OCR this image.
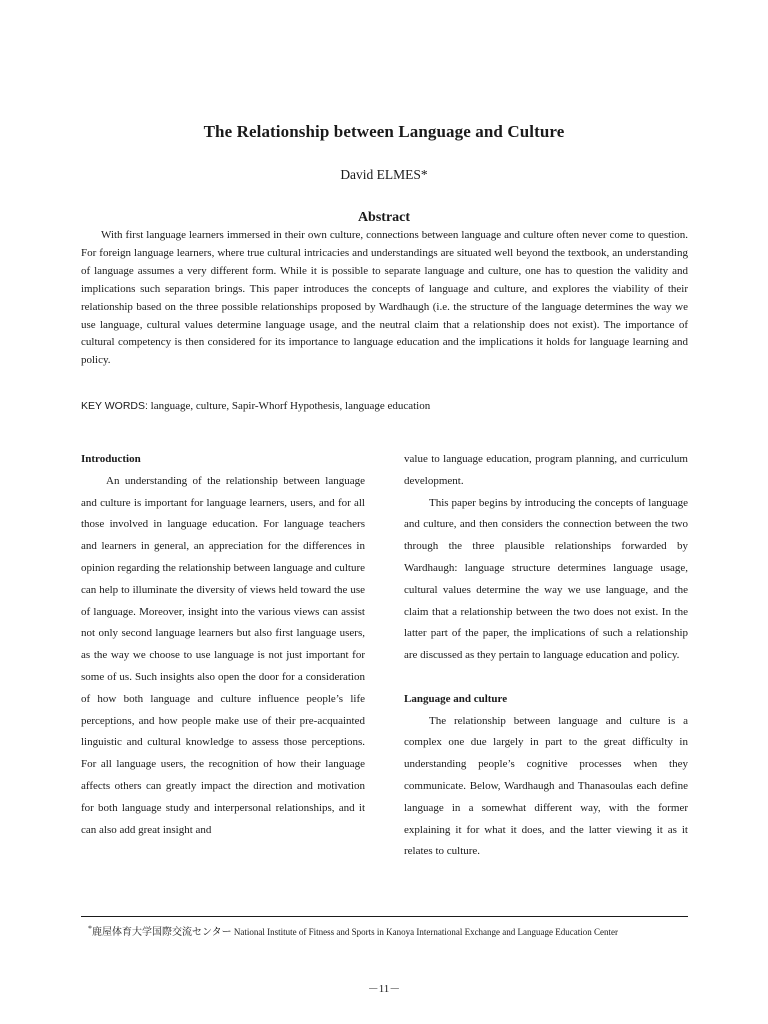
The Relationship between Language and Culture
David ELMES*
Abstract

With first language learners immersed in their own culture, connections between language and culture often never come to question. For foreign language learners, where true cultural intricacies and understandings are situated well beyond the textbook, an understanding of language assumes a very different form. While it is possible to separate language and culture, one has to question the validity and implications such separation brings. This paper introduces the concepts of language and culture, and explores the viability of their relationship based on the three possible relationships proposed by Wardhaugh (i.e. the structure of the language determines the way we use language, cultural values determine language usage, and the neutral claim that a relationship does not exist). The importance of cultural competency is then considered for its importance to language education and the implications it holds for language learning and policy.

KEY WORDS: language, culture, Sapir-Whorf Hypothesis, language education

Introduction

An understanding of the relationship between language and culture is important for language learners, users, and for all those involved in language education. For language teachers and learners in general, an appreciation for the differences in opinion regarding the relationship between language and culture can help to illuminate the diversity of views held toward the use of language. Moreover, insight into the various views can assist not only second language learners but also first language users, as the way we choose to use language is not just important for some of us. Such insights also open the door for a consideration of how both language and culture influence people’s life perceptions, and how people make use of their pre-acquainted linguistic and cultural knowledge to assess those perceptions. For all language users, the recognition of how their language affects others can greatly impact the direction and motivation for both language study and interpersonal relationships, and it can also add great insight and

value to language education, program planning, and curriculum development.

This paper begins by introducing the concepts of language and culture, and then considers the connection between the two through the three plausible relationships forwarded by Wardhaugh: language structure determines language usage, cultural values determine the way we use language, and the claim that a relationship between the two does not exist. In the latter part of the paper, the implications of such a relationship are discussed as they pertain to language education and policy.

Language and culture

The relationship between language and culture is a complex one due largely in part to the great difficulty in understanding people’s cognitive processes when they communicate. Below, Wardhaugh and Thanasoulas each define language in a somewhat different way, with the former explaining it for what it does, and the latter viewing it as it relates to culture.

*鹿屋体育大学国際交流センター National Institute of Fitness and Sports in Kanoya International Exchange and Language Education Center
－11－
